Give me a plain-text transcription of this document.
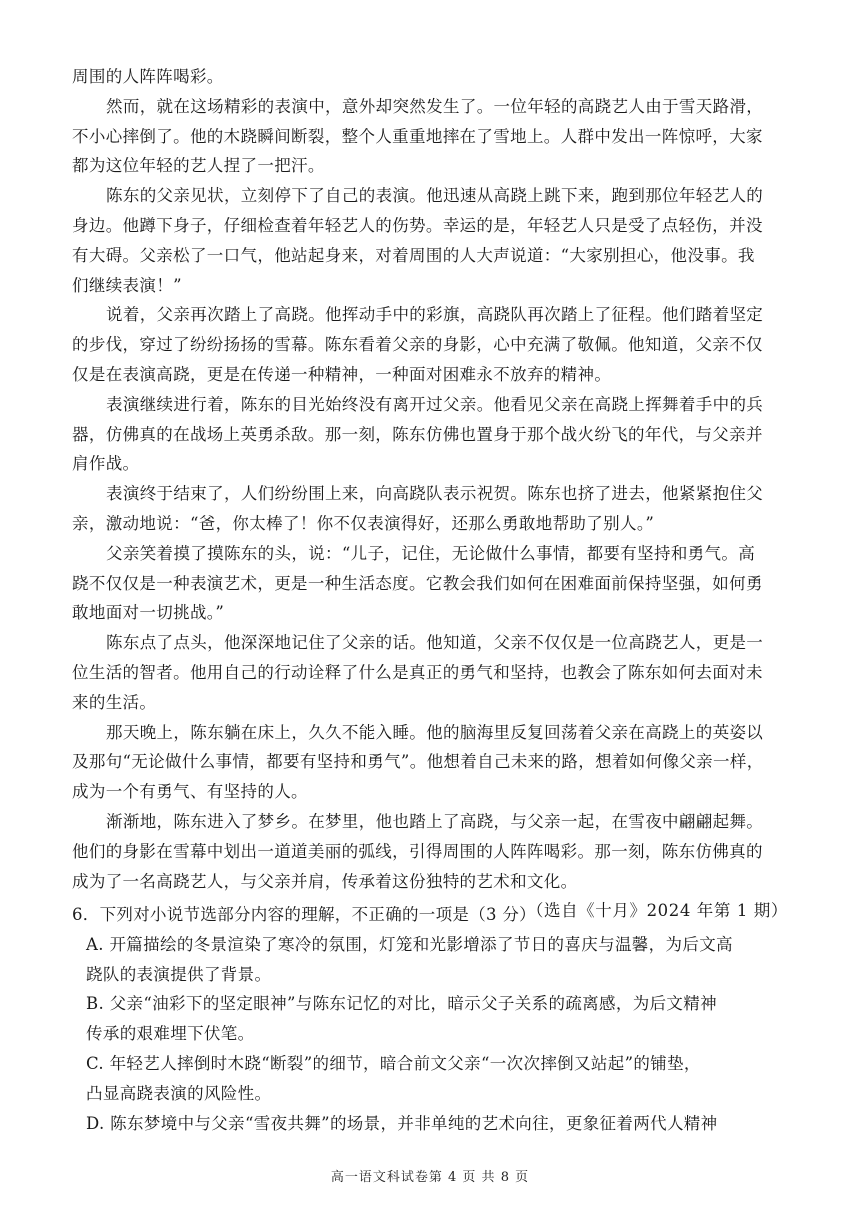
周围的人阵阵喝彩。
然而，就在这场精彩的表演中，意外却突然发生了。一位年轻的高跷艺人由于雪天路滑，
不小心摔倒了。他的木跷瞬间断裂，整个人重重地摔在了雪地上。人群中发出一阵惊呼，大家
都为这位年轻的艺人捏了一把汗。
陈东的父亲见状，立刻停下了自己的表演。他迅速从高跷上跳下来，跑到那位年轻艺人的
身边。他蹲下身子，仔细检查着年轻艺人的伤势。幸运的是，年轻艺人只是受了点轻伤，并没
有大碍。父亲松了一口气，他站起身来，对着周围的人大声说道：“大家别担心，他没事。我
们继续表演！”
说着，父亲再次踏上了高跷。他挥动手中的彩旗，高跷队再次踏上了征程。他们踏着坚定
的步伐，穿过了纷纷扬扬的雪幕。陈东看着父亲的身影，心中充满了敬佩。他知道，父亲不仅
仅是在表演高跷，更是在传递一种精神，一种面对困难永不放弃的精神。
表演继续进行着，陈东的目光始终没有离开过父亲。他看见父亲在高跷上挥舞着手中的兵
器，仿佛真的在战场上英勇杀敌。那一刻，陈东仿佛也置身于那个战火纷飞的年代，与父亲并
肩作战。
表演终于结束了，人们纷纷围上来，向高跷队表示祝贺。陈东也挤了进去，他紧紧抱住父
亲，激动地说：“爸，你太棒了！你不仅表演得好，还那么勇敢地帮助了别人。”
父亲笑着摸了摸陈东的头，说：“儿子，记住，无论做什么事情，都要有坚持和勇气。高
跷不仅仅是一种表演艺术，更是一种生活态度。它教会我们如何在困难面前保持坚强，如何勇
敢地面对一切挑战。”
陈东点了点头，他深深地记住了父亲的话。他知道，父亲不仅仅是一位高跷艺人，更是一
位生活的智者。他用自己的行动诠释了什么是真正的勇气和坚持，也教会了陈东如何去面对未
来的生活。
那天晚上，陈东躺在床上，久久不能入睡。他的脑海里反复回荡着父亲在高跷上的英姿以
及那句“无论做什么事情，都要有坚持和勇气”。他想着自己未来的路，想着如何像父亲一样，
成为一个有勇气、有坚持的人。
渐渐地，陈东进入了梦乡。在梦里，他也踏上了高跷，与父亲一起，在雪夜中翩翩起舞。
他们的身影在雪幕中划出一道道美丽的弧线，引得周围的人阵阵喝彩。那一刻，陈东仿佛真的
成为了一名高跷艺人，与父亲并肩，传承着这份独特的艺术和文化。
（选自《十月》2024 年第 1 期）
6．下列对小说节选部分内容的理解，不正确的一项是（3 分）
A. 开篇描绘的冬景渲染了寒冷的氛围，灯笼和光影增添了节日的喜庆与温馨，为后文高
跷队的表演提供了背景。
B. 父亲“油彩下的坚定眼神”与陈东记忆的对比，暗示父子关系的疏离感，为后文精神
传承的艰难埋下伏笔。
C. 年轻艺人摔倒时木跷“断裂”的细节，暗合前文父亲“一次次摔倒又站起”的铺垫，
凸显高跷表演的风险性。
D. 陈东梦境中与父亲“雪夜共舞”的场景，并非单纯的艺术向往，更象征着两代人精神
高一语文科试卷第 4 页 共 8 页
